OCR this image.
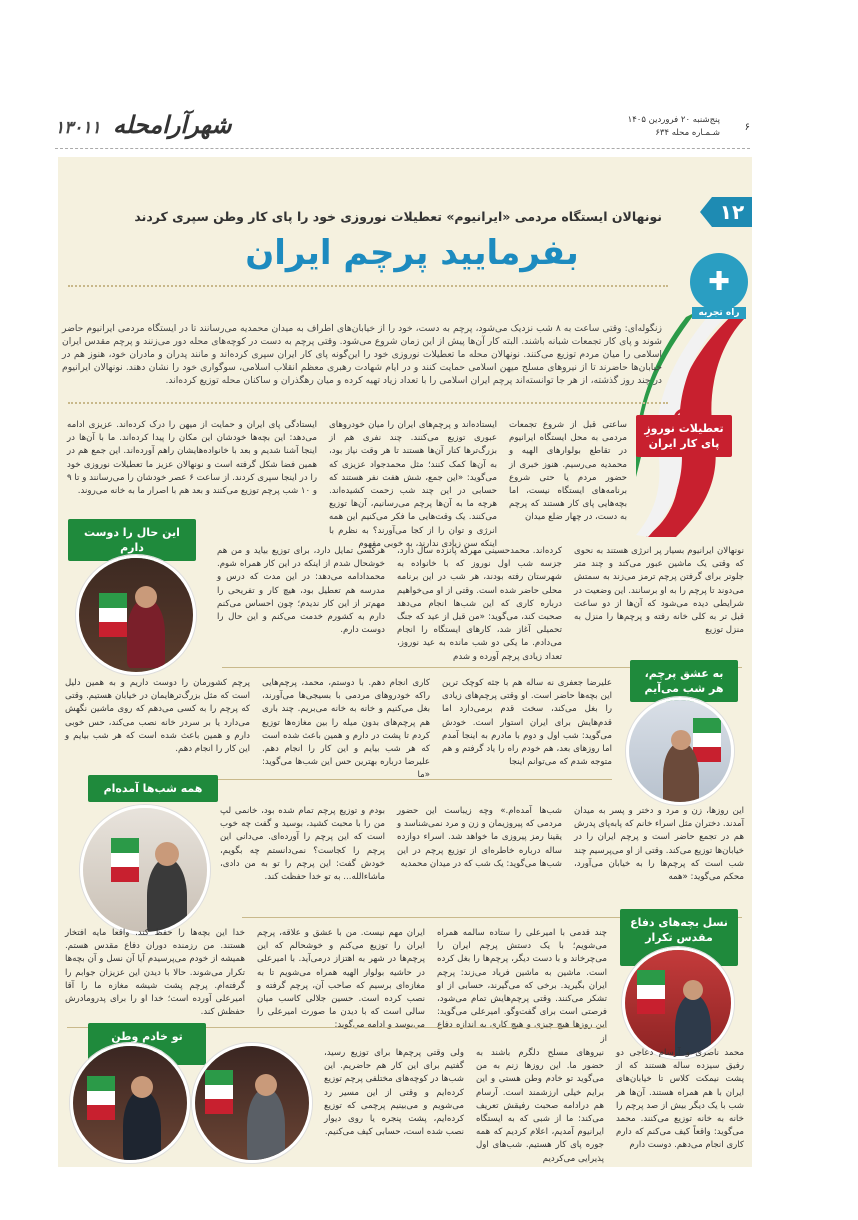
شهرآرامحله ۱۳۰۱۱	پنج‌شنبه ۲۰ فروردین ۱۴۰۵
شـمـاره محله ۶۳۴ ۶
۱۲
نونهالان ایستگاه مردمی «ایرانیوم» تعطیلات نوروزی خود را پای کار وطن سپری کردند
بفرمایید پرچم ایران
✚
راه تجربه
زنگوله‌ای: وقتی ساعت به ۸ شب نزدیک می‌شود، پرچم به دست، خود را از خیابان‌های اطراف به میدان محمدیه می‌رسانند تا در ایستگاه مردمی ایرانیوم حاضر شوند و پای کار تجمعات شبانه باشند. البته کار آن‌ها پیش از این زمان شروع می‌شود. وقتی پرچم به دست در کوچه‌های محله دور می‌زنند و پرچم مقدس ایران اسلامی را میان مردم توزیع می‌کنند. نونهالان محله ما تعطیلات نوروزی خود را این‌گونه پای کار ایران سپری کرده‌اند و مانند پدران و مادران خود، هنوز هم در خیابان‌ها حاضرند تا از نیروهای مسلح میهن اسلامی حمایت کنند و در ایام شهادت رهبری معظم انقلاب اسلامی، سوگواری خود را نشان دهند. نونهالان ایرانیوم در چند روز گذشته، از هر جا توانسته‌اند پرچم ایران اسلامی را با تعداد زیاد تهیه کرده و میان رهگذران و ساکنان محله توزیع کرده‌اند.
تعطیلات نوروزِ پای کار ایران
ساعتی قبل از شروع تجمعات مردمی به محل ایستگاه ایرانیوم در تقاطع بولوارهای الهیه و محمدیه می‌رسیم. هنوز خبری از حضور مردم یا حتی شروع برنامه‌های ایستگاه نیست، اما بچه‌هایی پای کار هستند که پرچم به دست، در چهار ضلع میدان
ایستاده‌اند و پرچم‌های ایران را میان خودروهای عبوری توزیع می‌کنند. چند نفری هم از بزرگ‌ترها کنار آن‌ها هستند تا هر وقت نیاز بود، به آن‌ها کمک کنند؛ مثل محمدجواد عزیزی که می‌گوید: «این جمع، شش هفت نفر هستند که حسابی در این چند شب زحمت کشیده‌اند. هرچه ما به آن‌ها پرچم می‌رسانیم، آن‌ها توزیع می‌کنند. یک وقت‌هایی ما فکر می‌کنیم این همه انرژی و توان را از کجا می‌آورند؟ به نظرم با اینکه سن زیادی ندارند، به خوبی مفهوم
ایستادگی پای ایران و حمایت از میهن را درک کرده‌اند. عزیزی ادامه می‌دهد: این بچه‌ها خودشان این مکان را پیدا کرده‌اند. ما با آن‌ها در اینجا آشنا شدیم و بعد با خانواده‌هایشان راهم آورده‌اند. این جمع هم در همین فضا شکل گرفته است و نونهالان عزیز ما تعطیلات نوروزی خود را در اینجا سپری کردند. از ساعت ۶ عصر خودشان را می‌رسانند و تا ۹ و ۱۰ شب پرچم توزیع می‌کنند و بعد هم با اصرار ما به خانه می‌روند.
این حال را دوست دارم	نونهالان ایرانیوم بسیار پر انرژی هستند به نحوی که وقتی یک ماشین عبور می‌کند و چند متر جلوتر برای گرفتن پرچم ترمز می‌زند به سمتش می‌دوند تا پرچم را به او برسانند. این وضعیت در شرایطی دیده می‌شود که آن‌ها از دو ساعت قبل تر به کلی خانه رفته و پرچم‌ها را منزل به منزل توزیع
کرده‌اند. محمدحسینی مهرکه پانزده سال دارد، جزسه شب اول نوروز که با خانواده به شهرستان رفته بودند، هر شب در این برنامه محلی حاضر شده است. وقتی از او می‌خواهیم درباره کاری که این شب‌ها انجام می‌دهد صحبت کند، می‌گوید: «من قبل از عید که جنگ تحمیلی آغاز شد، کارهای ایستگاه را انجام می‌دادم. ما یکی دو شب مانده به عید نوروز، تعداد زیادی پرچم آورده و شدم
هرکسی تمایل دارد، برای توزیع بیاید و من هم خوشحال شدم از اینکه در این کار همراه شوم. محمدادامه می‌دهد: در این مدت که درس و مدرسه هم تعطیل بود، هیچ کار و تفریحی را مهم‌تر از این کار ندیدم؛ چون احساس می‌کنم دارم به کشورم خدمت می‌کنم و این حال را دوست دارم.
به عشق پرچم، هر شب می‌آیم
علیرضا جعفری نه ساله هم با جثه کوچک ترین این بچه‌ها حاضر است. او وقتی پرچم‌های زیادی را بغل می‌کند، سخت قدم برمی‌دارد اما قدم‌هایش برای ایران استوار است. خودش می‌گوید: شب اول و دوم با مادرم به اینجا آمدم اما روزهای بعد، هم خودم راه را یاد گرفتم و هم متوجه شدم که می‌توانم اینجا
کاری انجام دهم. با دوستم، محمد، پرچم‌هایی راکه خودروهای مردمی با بسیجی‌ها می‌آورند، بغل می‌کنیم و خانه به خانه می‌بریم. چند باری هم پرچم‌های بدون میله را بین مغازه‌ها توزیع کردم تا پشت در دارم و همین باعث شده است که هر شب بیایم و این کار را انجام دهم. علیرضا درباره بهترین حس این شب‌ها می‌گوید: «ما
پرچم کشورمان را دوست داریم و به همین دلیل است که مثل بزرگ‌ترهایمان در خیابان هستیم. وقتی که پرچم را به کسی می‌دهم که روی ماشین نگهش می‌دارد یا بر سردر خانه نصب می‌کند، حس خوبی دارم و همین باعث شده است که هر شب بیایم و این کار را انجام دهم.
همه شب‌ها آمده‌ام
این روزها، زن و مرد و دختر و پسر به میدان آمدند. دختران مثل اسراء خانم که پابه‌پای پدرش هم در تجمع حاضر است و پرچم ایران را در خیابان‌ها توزیع می‌کند. وقتی از او می‌پرسیم چند شب است که پرچم‌ها را به خیابان می‌آورد، محکم می‌گوید: «همه
شب‌ها آمده‌ام.» وچه زیباست این حضور مردمی که پیروزیمان و زن و مرد نمی‌شناسد و یقینا رمز پیروزی ما خواهد شد. اسراء دوازده ساله درباره خاطره‌ای از توزیع پرچم در این شب‌ها می‌گوید: یک شب که در میدان محمدیه
بودم و توزیع پرچم تمام شده بود، خانمی لپ من را با محبت کشید، بوسید و گفت چه خوب است که این پرچم را آورده‌ای. می‌دانی این پرچم را کجاست؟ نمی‌دانستم چه بگویم، خودش گفت: این پرچم را تو به من دادی، ماشاءالله... به تو خدا حفظت کند.
نسل بچه‌های دفاع مقدس تکرار
چند قدمی با امیرعلی را ستاده سالمه همراه می‌شویم؛ با یک دستش پرچم ایران را می‌چرخاند و با دست دیگر، پرچم‌ها را بغل کرده است. ماشین به ماشین فریاد می‌زند: پرچم ایران بگیرید. برخی که می‌گیرند، حسابی از او تشکر می‌کنند. وقتی پرچم‌هایش تمام می‌شود، فرصتی است برای گفت‌وگو. امیرعلی می‌گوید: این روزها هیچ چیزی و هیچ کاری به اندازه دفاع از
ایران مهم نیست. من با عشق و علاقه، پرچم ایران را توزیع می‌کنم و خوشحالم که این پرچم‌ها در شهر به اهتزاز درمی‌آید. با امیرعلی در حاشیه بولوار الهیه همراه می‌شویم تا به مغازه‌ای برسیم که صاحب آن، پرچم گرفته و نصب کرده است. حسین جلالی کاسب میان سالی است که با دیدن ما صورت امیرعلی را می‌بوسد و ادامه می‌گوید:
خدا این بچه‌ها را حفظ کند. واقعا مایه افتخار هستند. من رزمنده دوران دفاع مقدس هستم. همیشه از خودم می‌پرسیدم آیا آن نسل و آن بچه‌ها تکرار می‌شوند. حالا با دیدن این عزیزان جوابم را گرفته‌ام. پرچم پشت شیشه مغازه ما را آقا امیرعلی آورده است؛ خدا او را برای پدرومادرش حفظش کند.
تو خادم وطن
محمد ناصری و آرسام دعاجی دو رفیق سیزده ساله هستند که از پشت نیمکت کلاس تا خیابان‌های ایران با هم همراه هستند. آن‌ها هر شب با یک دیگر بیش از صد پرچم را خانه به خانه توزیع می‌کنند. محمد می‌گوید: واقعاً کیف می‌کنم که دارم کاری انجام می‌دهم. دوست دارم
نیروهای مسلح دلگرم باشند به حضور ما. این روزها زنم به من می‌گوید تو خادم وطن هستی و این برایم خیلی ارزشمند است. آرسام هم درادامه صحبت رفیقش تعریف می‌کند: ما از شبی که به ایستگاه ایرانیوم آمدیم، اعلام کردیم که همه جوره پای کار هستیم. شب‌های اول پذیرایی می‌کردیم
ولی وقتی پرچم‌ها برای توزیع رسید، گفتیم برای این کار هم حاضریم. این شب‌ها در کوچه‌های مختلفی پرچم توزیع کرده‌ایم و وقتی از این مسیر رد می‌شویم و می‌بینیم پرچمی که توزیع کرده‌ایم، پشت پنجره یا روی دیوار نصب شده است، حسابی کیف می‌کنیم.
